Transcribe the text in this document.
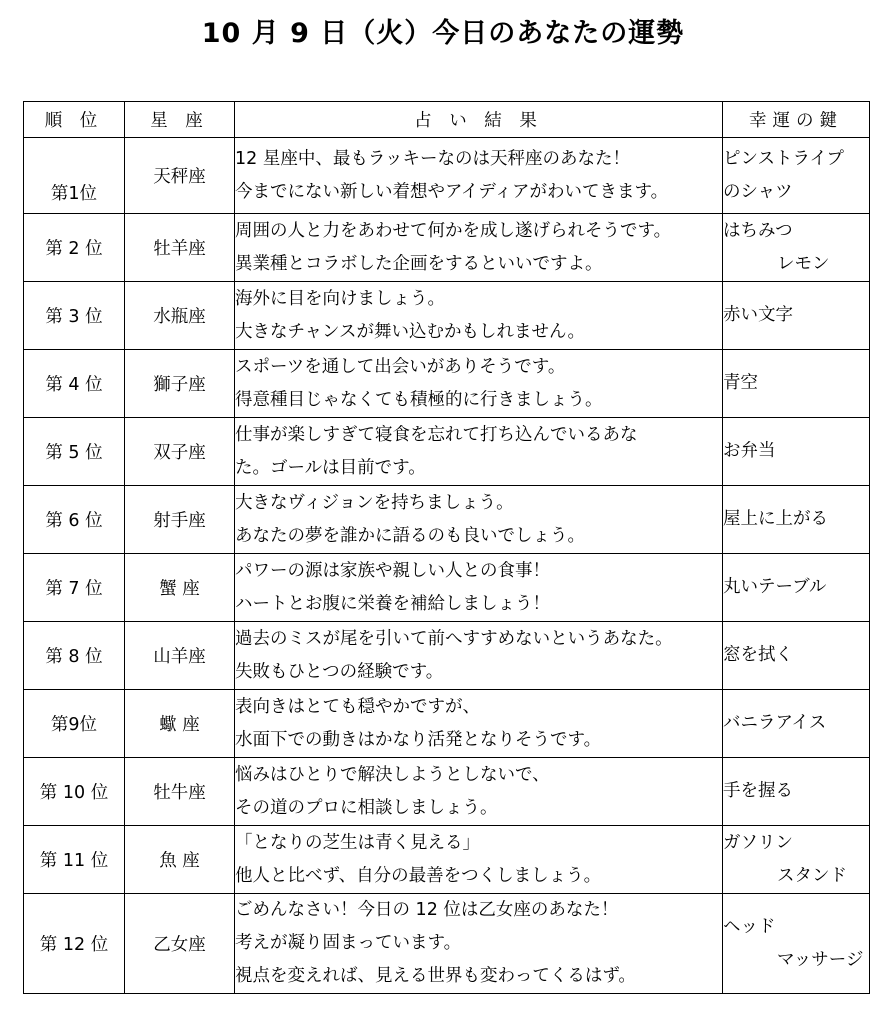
10 月 9 日（火）今日のあなたの運勢
順 位	星 座	占 い 結 果	幸運の鍵
第1位	天秤座	12 星座中、最もラッキーなのは天秤座のあなた！
今までにない新しい着想やアイディアがわいてきます。	ピンストライプ
のシャツ

第 2 位	牡羊座	周囲の人と力をあわせて何かを成し遂げられそうです。
異業種とコラボした企画をするといいですよ。	はちみつ
レモン

第 3 位	水瓶座	海外に目を向けましょう。
大きなチャンスが舞い込むかもしれません。	赤い文字

第 4 位	獅子座	スポーツを通して出会いがありそうです。
得意種目じゃなくても積極的に行きましょう。	青空

第 5 位	双子座	仕事が楽しすぎて寝食を忘れて打ち込んでいるあな
た。ゴールは目前です。	お弁当

第 6 位	射手座	大きなヴィジョンを持ちましょう。
あなたの夢を誰かに語るのも良いでしょう。	屋上に上がる

第 7 位	蟹 座	パワーの源は家族や親しい人との食事！
ハートとお腹に栄養を補給しましょう！	丸いテーブル

第 8 位	山羊座	過去のミスが尾を引いて前へすすめないというあなた。
失敗もひとつの経験です。	窓を拭く

第9位	蠍 座	表向きはとても穏やかですが、
水面下での動きはかなり活発となりそうです。	バニラアイス

第 10 位	牡牛座	悩みはひとりで解決しようとしないで、
その道のプロに相談しましょう。	手を握る

第 11 位	魚 座	「となりの芝生は青く見える」
他人と比べず、自分の最善をつくしましょう。	ガソリン
スタンド

第 12 位	乙女座	ごめんなさい！今日の 12 位は乙女座のあなた！
考えが凝り固まっています。
視点を変えれば、見える世界も変わってくるはず。	ヘッド
マッサージ
